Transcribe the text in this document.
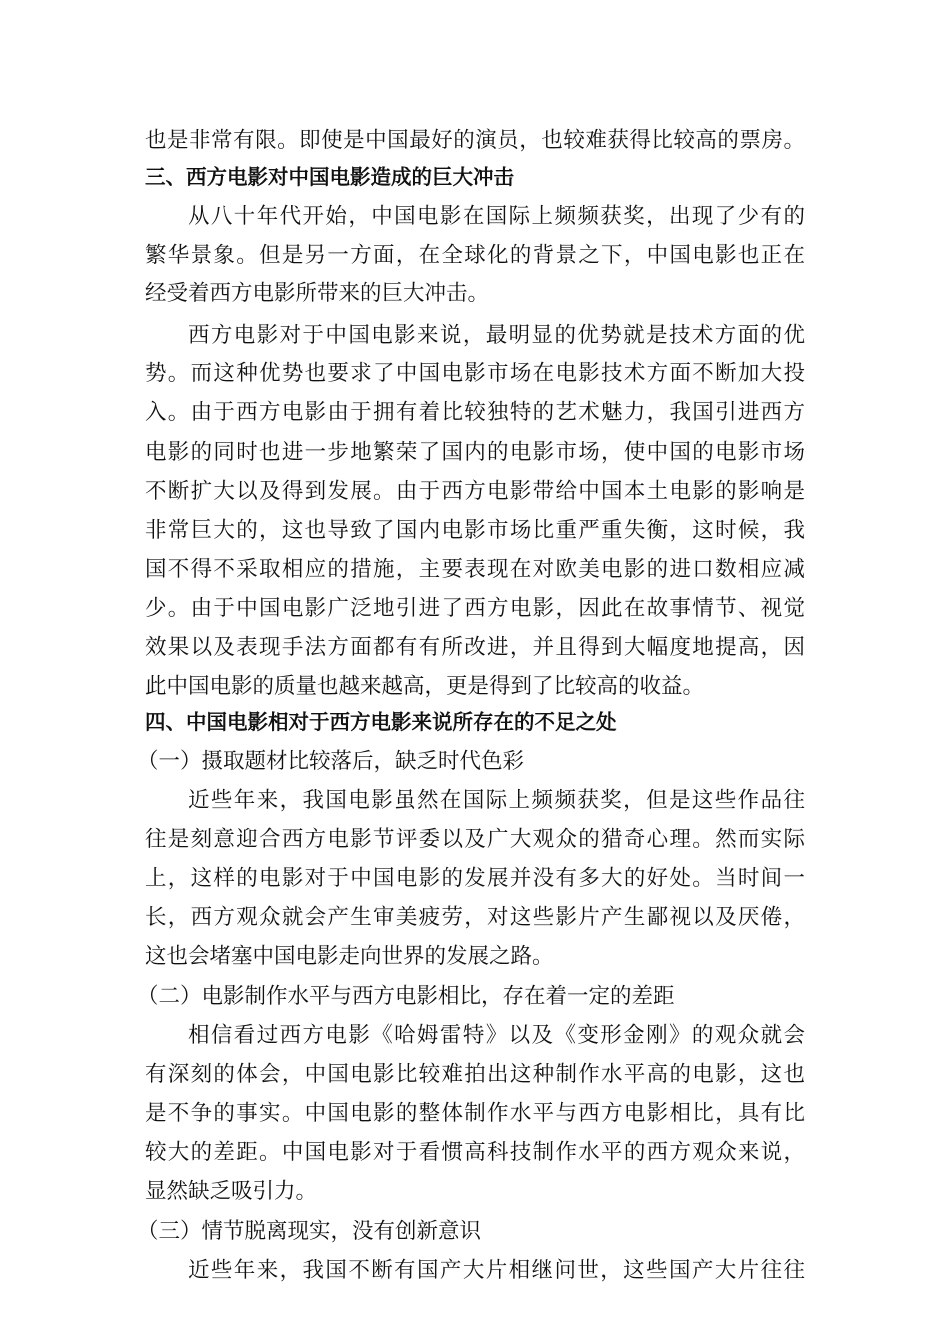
也是非常有限。即使是中国最好的演员，也较难获得比较高的票房。
三、西方电影对中国电影造成的巨大冲击
从八十年代开始，中国电影在国际上频频获奖，出现了少有的
繁华景象。但是另一方面，在全球化的背景之下，中国电影也正在
经受着西方电影所带来的巨大冲击。
西方电影对于中国电影来说，最明显的优势就是技术方面的优
势。而这种优势也要求了中国电影市场在电影技术方面不断加大投
入。由于西方电影由于拥有着比较独特的艺术魅力，我国引进西方
电影的同时也进一步地繁荣了国内的电影市场，使中国的电影市场
不断扩大以及得到发展。由于西方电影带给中国本土电影的影响是
非常巨大的，这也导致了国内电影市场比重严重失衡，这时候，我
国不得不采取相应的措施，主要表现在对欧美电影的进口数相应减
少。由于中国电影广泛地引进了西方电影，因此在故事情节、视觉
效果以及表现手法方面都有有所改进，并且得到大幅度地提高，因
此中国电影的质量也越来越高，更是得到了比较高的收益。
四、中国电影相对于西方电影来说所存在的不足之处
（一）摄取题材比较落后，缺乏时代色彩
近些年来，我国电影虽然在国际上频频获奖，但是这些作品往
往是刻意迎合西方电影节评委以及广大观众的猎奇心理。然而实际
上，这样的电影对于中国电影的发展并没有多大的好处。当时间一
长，西方观众就会产生审美疲劳，对这些影片产生鄙视以及厌倦，
这也会堵塞中国电影走向世界的发展之路。
（二）电影制作水平与西方电影相比，存在着一定的差距
相信看过西方电影《哈姆雷特》以及《变形金刚》的观众就会
有深刻的体会，中国电影比较难拍出这种制作水平高的电影，这也
是不争的事实。中国电影的整体制作水平与西方电影相比，具有比
较大的差距。中国电影对于看惯高科技制作水平的西方观众来说，
显然缺乏吸引力。
（三）情节脱离现实，没有创新意识
近些年来，我国不断有国产大片相继问世，这些国产大片往往
